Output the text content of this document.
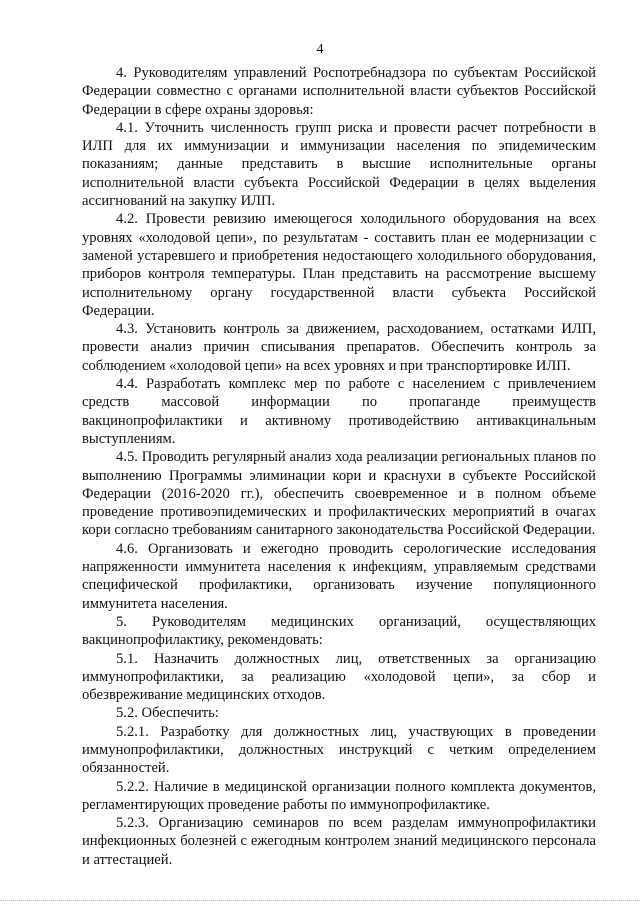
4

4. Руководителям управлений Роспотребнадзора по субъектам Российской Федерации совместно с органами исполнительной власти субъектов Российской Федерации в сфере охраны здоровья:

4.1. Уточнить численность групп риска и провести расчет потребности в ИЛП для их иммунизации и иммунизации населения по эпидемическим показаниям; данные представить в высшие исполнительные органы исполнительной власти субъекта Российской Федерации в целях выделения ассигнований на закупку ИЛП.

4.2. Провести ревизию имеющегося холодильного оборудования на всех уровнях «холодовой цепи», по результатам - составить план ее модернизации с заменой устаревшего и приобретения недостающего холодильного оборудования, приборов контроля температуры. План представить на рассмотрение высшему исполнительному органу государственной власти субъекта Российской Федерации.

4.3. Установить контроль за движением, расходованием, остатками ИЛП, провести анализ причин списывания препаратов. Обеспечить контроль за соблюдением «холодовой цепи» на всех уровнях и при транспортировке ИЛП.

4.4. Разработать комплекс мер по работе с населением с привлечением средств массовой информации по пропаганде преимуществ вакцинопрофилактики и активному противодействию антивакцинальным выступлениям.

4.5. Проводить регулярный анализ хода реализации региональных планов по выполнению Программы элиминации кори и краснухи в субъекте Российской Федерации (2016-2020 гг.), обеспечить своевременное и в полном объеме проведение противоэпидемических и профилактических мероприятий в очагах кори согласно требованиям санитарного законодательства Российской Федерации.

4.6. Организовать и ежегодно проводить серологические исследования напряженности иммунитета населения к инфекциям, управляемым средствами специфической профилактики, организовать изучение популяционного иммунитета населения.

5. Руководителям медицинских организаций, осуществляющих вакцинопрофилактику, рекомендовать:

5.1. Назначить должностных лиц, ответственных за организацию иммунопрофилактики, за реализацию «холодовой цепи», за сбор и обезвреживание медицинских отходов.

5.2. Обеспечить:

5.2.1. Разработку для должностных лиц, участвующих в проведении иммунопрофилактики, должностных инструкций с четким определением обязанностей.

5.2.2. Наличие в медицинской организации полного комплекта документов, регламентирующих проведение работы по иммунопрофилактике.

5.2.3. Организацию семинаров по всем разделам иммунопрофилактики инфекционных болезней с ежегодным контролем знаний медицинского персонала и аттестацией.
